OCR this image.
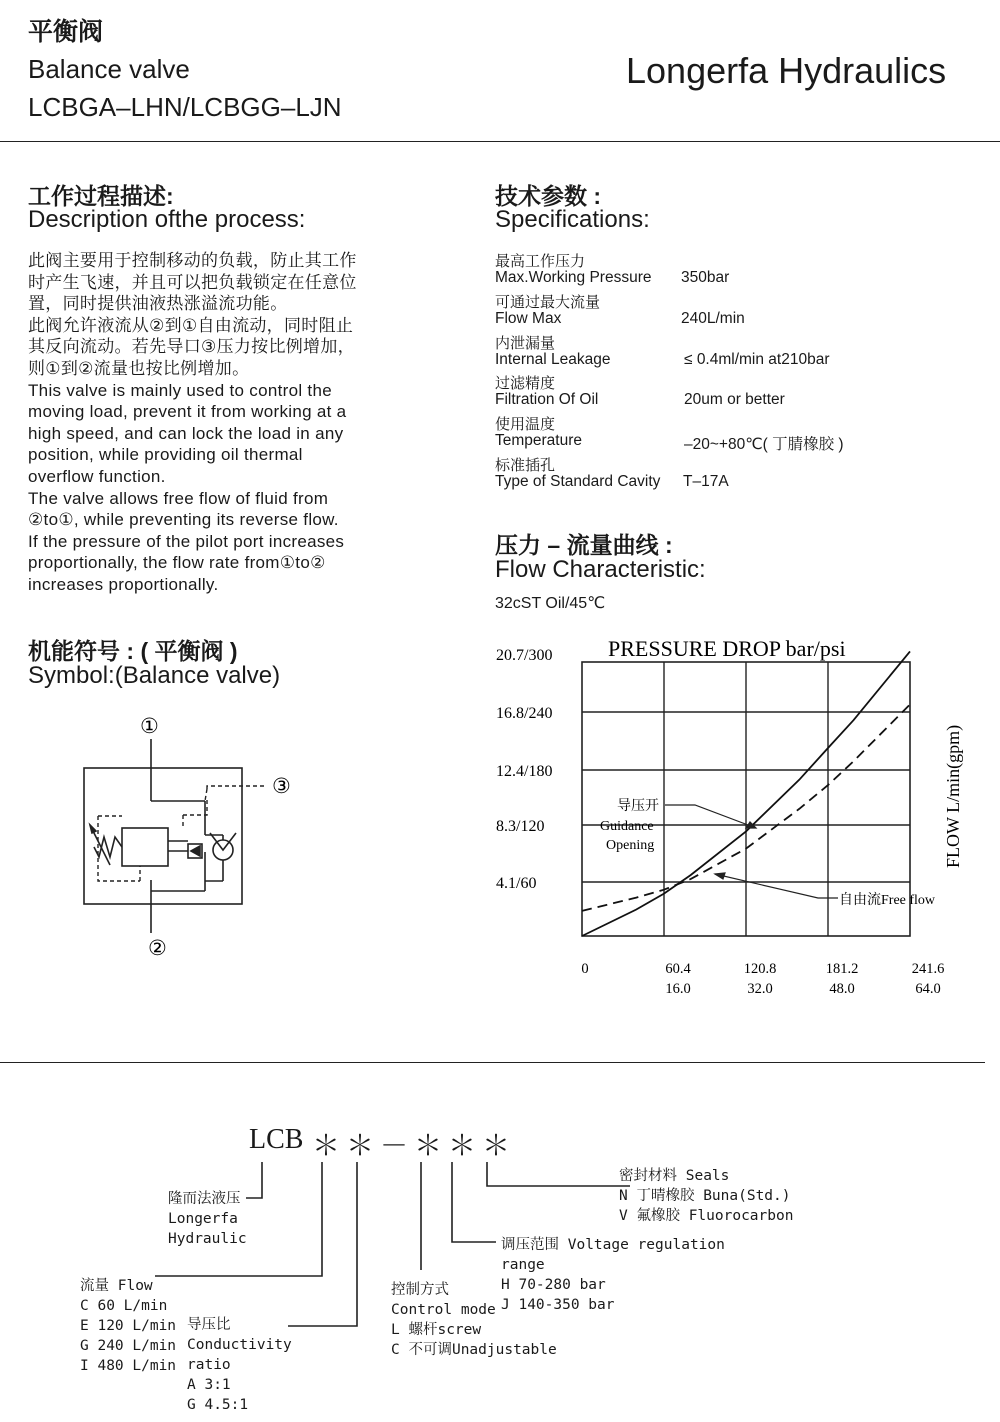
平衡阀
Balance valve
LCBGA–LHN/LCBGG–LJN
Longerfa Hydraulics
工作过程描述:
Description ofthe process:
此阀主要用于控制移动的负载，防止其工作
时产生飞速，并且可以把负载锁定在任意位
置，同时提供油液热涨溢流功能。
此阀允许液流从②到①自由流动，同时阻止
其反向流动。若先导口③压力按比例增加，
则①到②流量也按比例增加。
This valve is mainly used to control the
moving load, prevent it from working at a
high speed, and can lock the load in any
position, while providing oil thermal
overflow function.
The valve allows free flow of fluid from
②to①, while preventing its reverse flow.
If the pressure of the pilot port increases
proportionally, the flow rate from①to②
increases proportionally.
技术参数 :
Specifications:
最高工作压力
Max.Working Pressure 350bar
可通过最大流量
Flow Max	240L/min
内泄漏量
Internal Leakage	≤ 0.4ml/min at210bar
过滤精度
Filtration Of Oil	20um or better
使用温度
Temperature	–20~+80℃( 丁腈橡胶 )
标准插孔
Type of Standard Cavity T–17A
压力 – 流量曲线 :
Flow Characteristic:
32cST Oil/45℃
机能符号 : ( 平衡阀 )
Symbol:(Balance valve)
①
③
②
PRESSURE DROP bar/psi
20.7/300
16.8/240
12.4/180
8.3/120
4.1/60
0	60.4	120.8	181.2	241.6
16.0	32.0	48.0	64.0
导压开
Guidance
Opening
自由流Free flow
FLOW L/min(gpm)
LCB ＊ ＊ － ＊ ＊ ＊
隆而法液压
Longerfa
Hydraulic
流量 Flow
C 60 L/min
E 120 L/min
G 240 L/min
I 480 L/min
导压比
Conductivity
ratio
A 3:1
G 4.5:1
控制方式
Control mode
L 螺杆screw
C 不可调Unadjustable
调压范围 Voltage regulation
range
H 70-280 bar
J 140-350 bar
密封材料 Seals
N 丁晴橡胶 Buna(Std.)
V 氟橡胶 Fluorocarbon
